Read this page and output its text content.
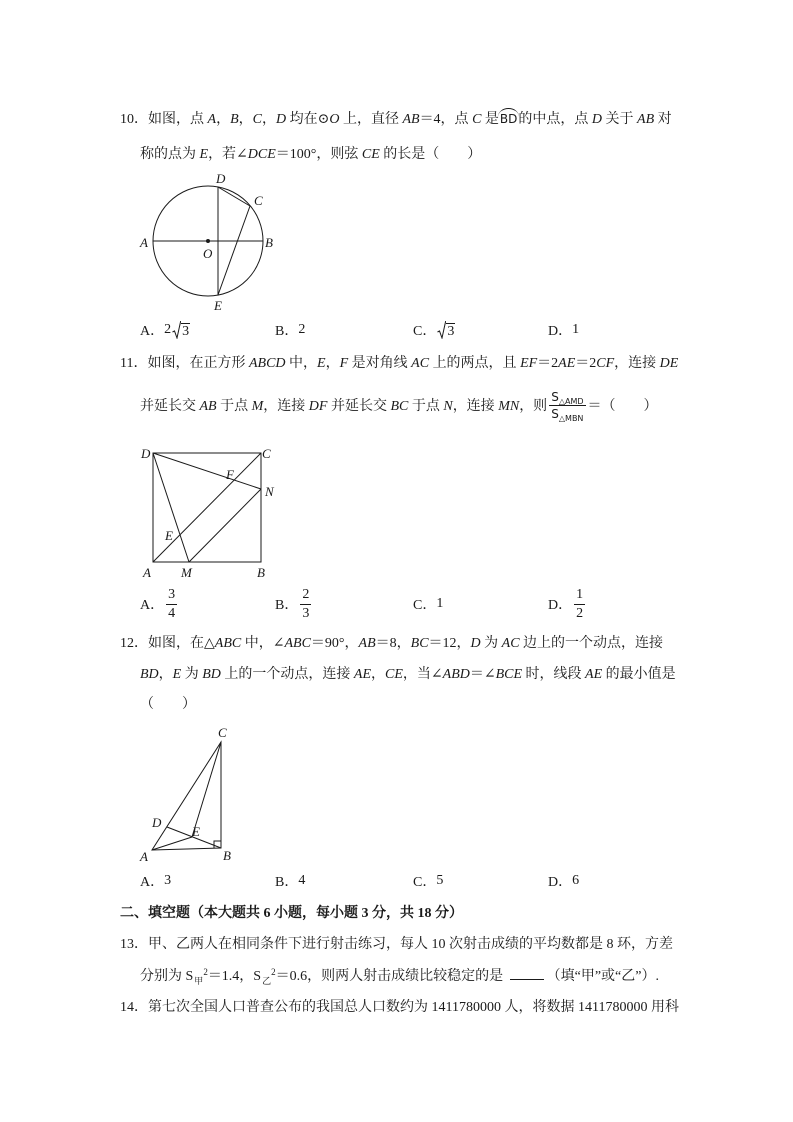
10．如图，点 A，B，C，D 均在⊙O 上，直径 AB＝4，点 C 是BD的中点，点 D 关于 AB 对
称的点为 E，若∠DCE＝100°，则弦 CE 的长是（　　）
D
C
A	B
O
E
A． 2 3	B． 2	C． 3	D． 1
11．如图，在正方形 ABCD 中，E，F 是对角线 AC 上的两点，且 EF＝2AE＝2CF，连接 DE
并延长交 AB 于点 M，连接 DF 并延长交 BC 于点 N，连接 MN，则 $\frac{S_{\triangle AMD}}{S_{\triangle MBN}}$ ＝（　　）
D	C
F
N
E
A M	B
A． $\frac{3}{4}$	B． $\frac{2}{3}$	C． 1	D． $\frac{1}{2}$
12．如图，在△ABC 中，∠ABC＝90°，AB＝8，BC＝12，D 为 AC 边上的一个动点，连接
BD，E 为 BD 上的一个动点，连接 AE，CE，当∠ABD＝∠BCE 时，线段 AE 的最小值是
（　　）
C
D
E
A	B
A． 3	B． 4	C． 5	D． 6
二、填空题（本大题共 6 小题，每小题 3 分，共 18 分）
13．甲、乙两人在相同条件下进行射击练习，每人 10 次射击成绩的平均数都是 8 环，方差
分别为 $S_甲^2=1.4$，$S_乙^2=0.6$，则两人射击成绩比较稳定的是	（填“甲”或“乙”）.
14．第七次全国人口普查公布的我国总人口数约为 1411780000 人，将数据 1411780000 用科
